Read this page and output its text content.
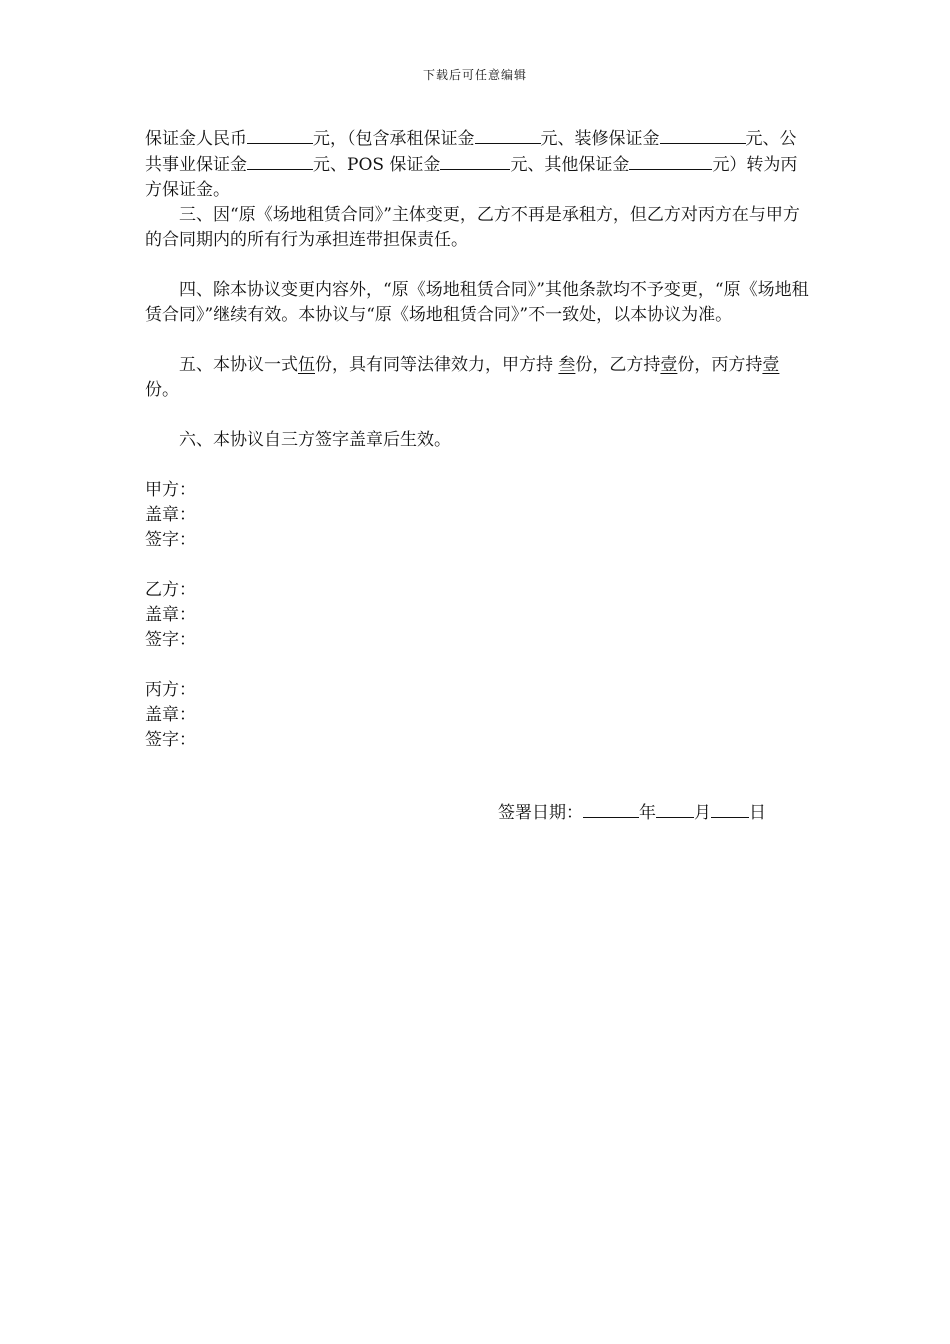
下载后可任意编辑

保证金人民币	元，（包含承租保证金	元、装修保证金	元、公共事业保证金	元、POS 保证金	元、其他保证金	元）转为丙方保证金。

三、因“原《场地租赁合同》”主体变更，乙方不再是承租方，但乙方对丙方在与甲方的合同期内的所有行为承担连带担保责任。

四、除本协议变更内容外，“原《场地租赁合同》”其他条款均不予变更，“原《场地租赁合同》”继续有效。本协议与“原《场地租赁合同》”不一致处，以本协议为准。

五、本协议一式伍份，具有同等法律效力，甲方持 叁份，乙方持壹份，丙方持壹份。

六、本协议自三方签字盖章后生效。

甲方：

盖章：

签字：

乙方：

盖章：

签字：

丙方：

盖章：

签字：

签署日期：	年 月 日
